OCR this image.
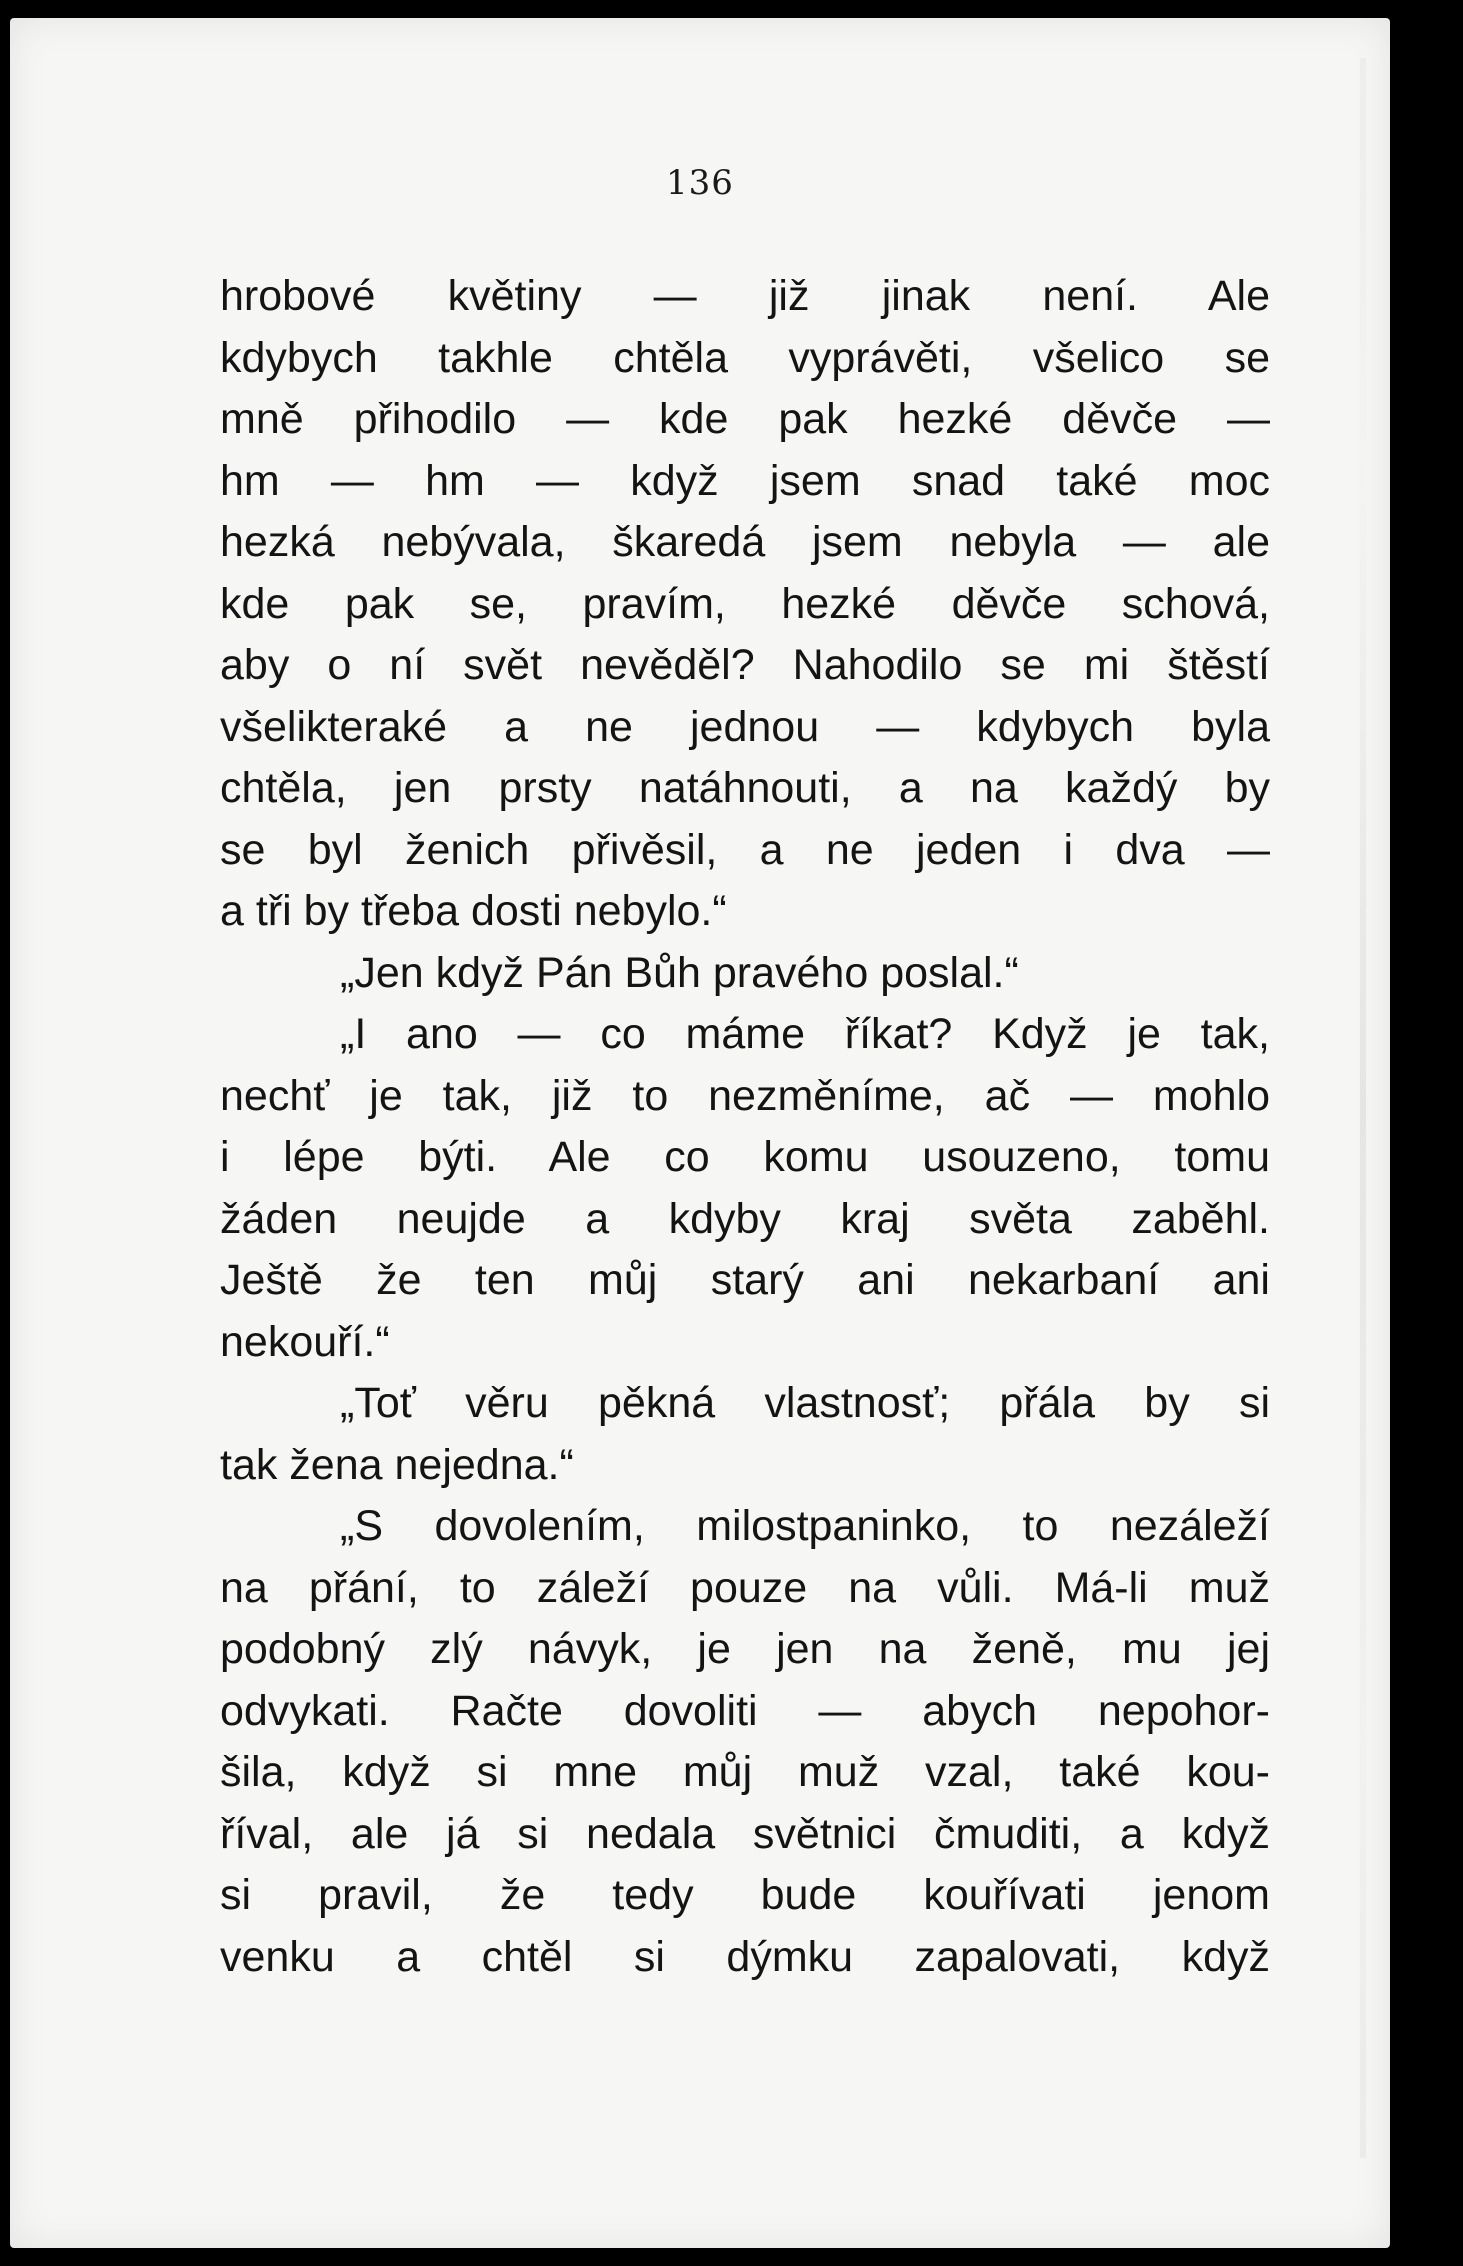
136
hrobové květiny — již jinak není. Ale
kdybych takhle chtěla vyprávěti, všelico se
mně přihodilo — kde pak hezké děvče —
hm — hm — když jsem snad také moc
hezká nebývala, škaredá jsem nebyla — ale
kde pak se, pravím, hezké děvče schová,
aby o ní svět nevěděl? Nahodilo se mi štěstí
všelikteraké a ne jednou — kdybych byla
chtěla, jen prsty natáhnouti, a na každý by
se byl ženich přivěsil, a ne jeden i dva —
a tři by třeba dosti nebylo.“
„Jen když Pán Bůh pravého poslal.“
„I ano — co máme říkat? Když je tak,
nechť je tak, již to nezměníme, ač — mohlo
i lépe býti. Ale co komu usouzeno, tomu
žáden neujde a kdyby kraj světa zaběhl.
Ještě že ten můj starý ani nekarbaní ani
nekouří.“
„Toť věru pěkná vlastnosť; přála by si
tak žena nejedna.“
„S dovolením, milostpaninko, to nezáleží
na přání, to záleží pouze na vůli. Má-li muž
podobný zlý návyk, je jen na ženě, mu jej
odvykati. Račte dovoliti — abych nepohor-
šila, když si mne můj muž vzal, také kou-
říval, ale já si nedala světnici čmuditi, a když
si pravil, že tedy bude kouřívati jenom
venku a chtěl si dýmku zapalovati, když
